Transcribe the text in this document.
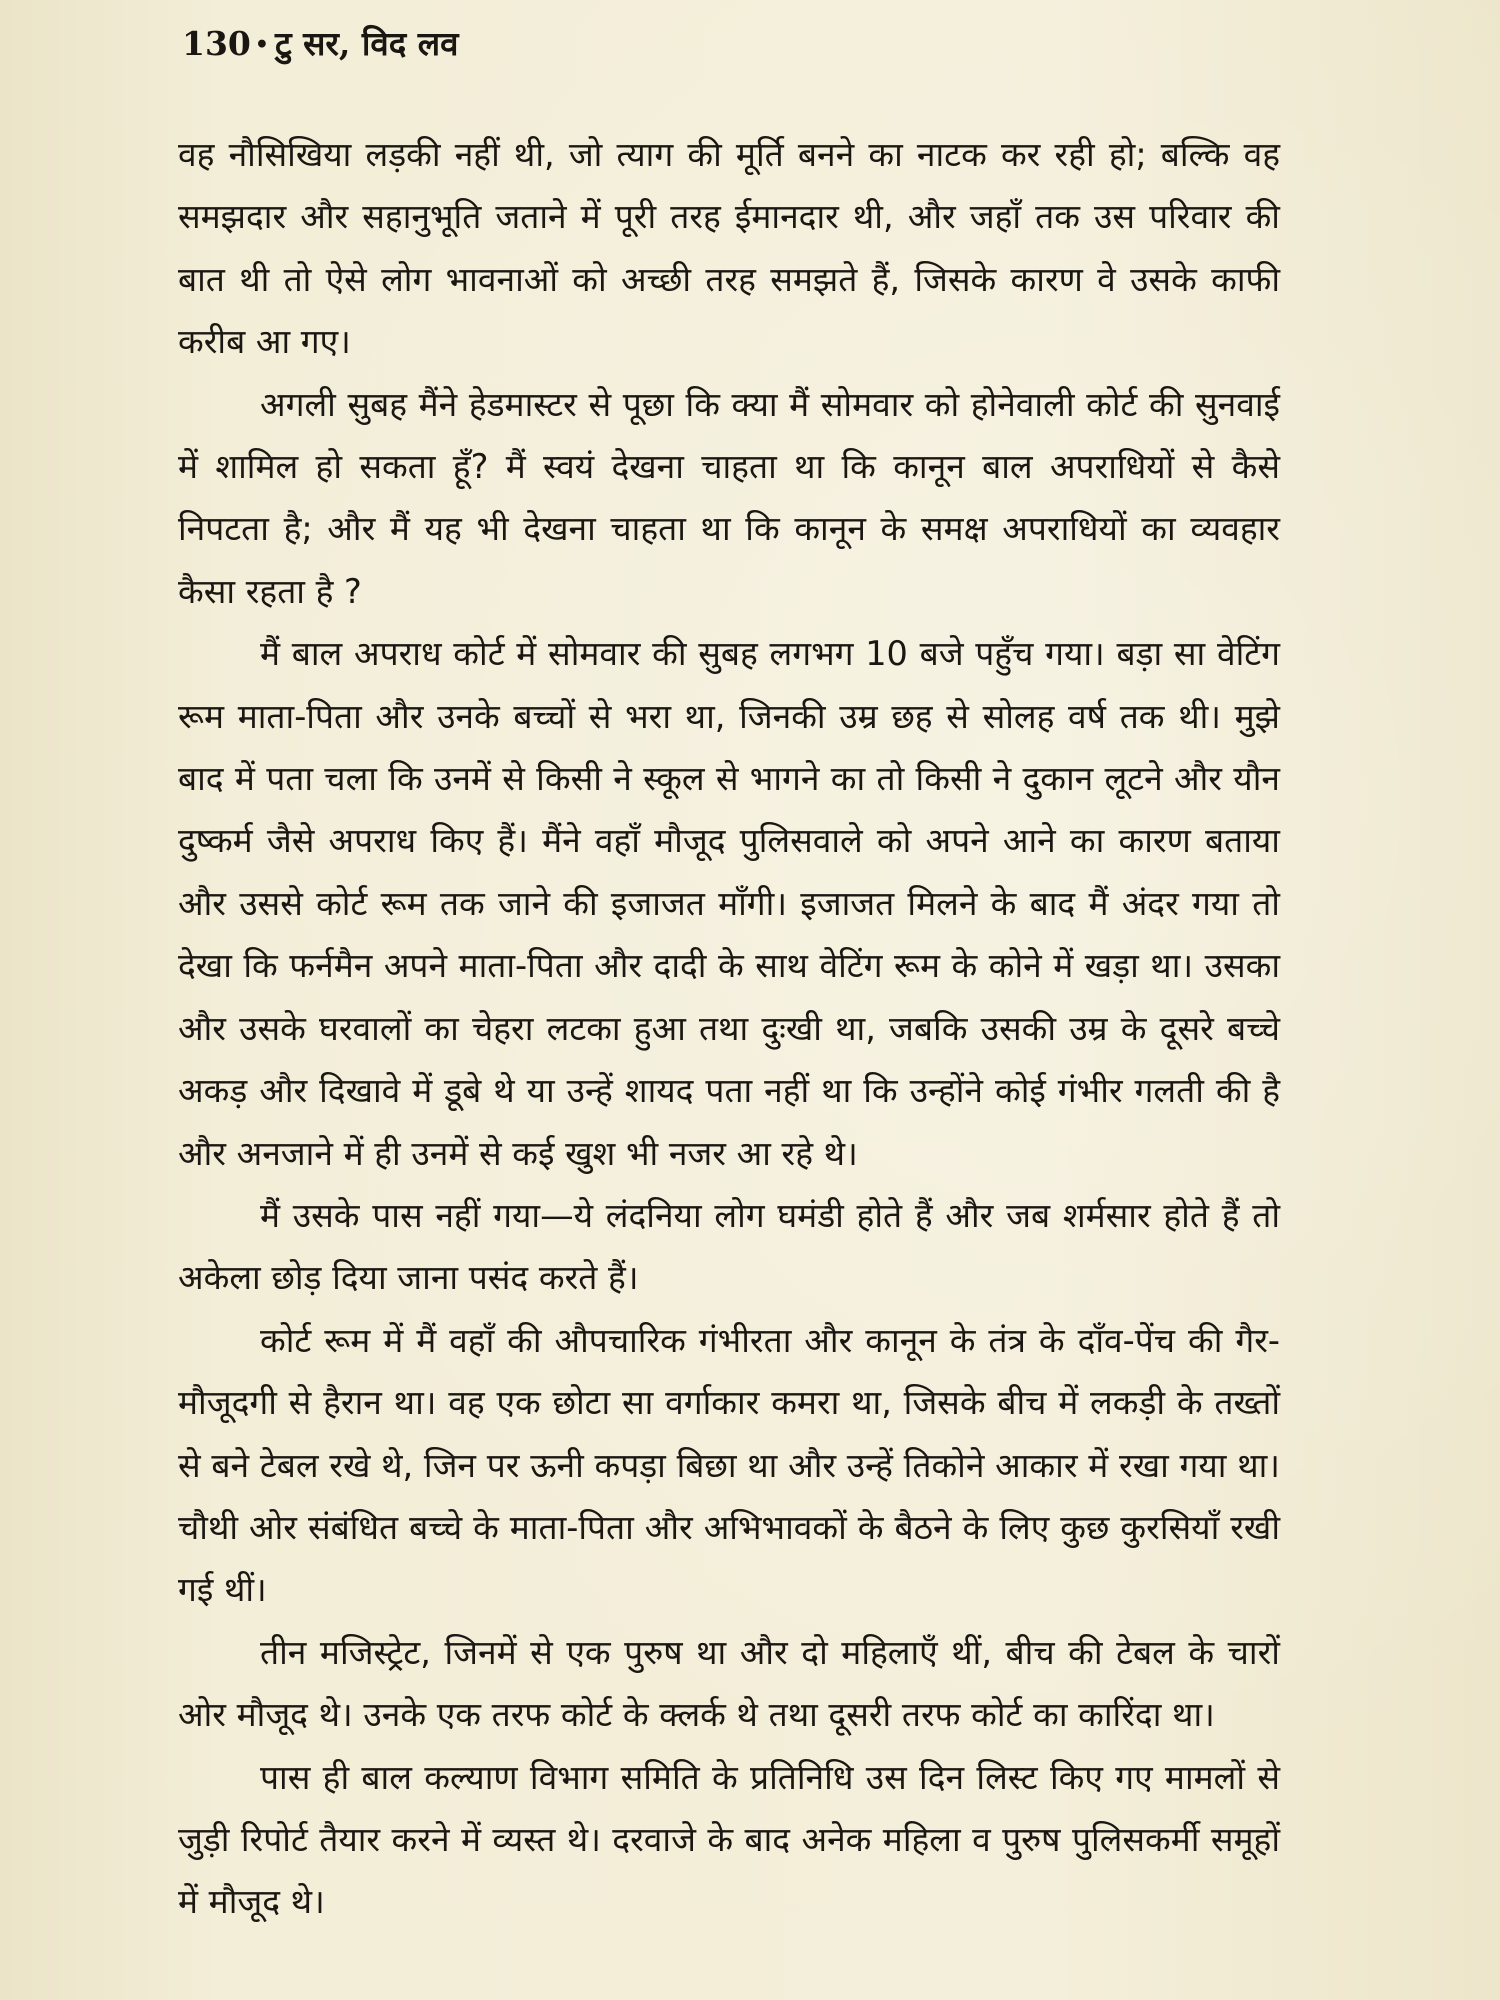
130 • टु सर, विद लव

वह नौसिखिया लड़की नहीं थी, जो त्याग की मूर्ति बनने का नाटक कर रही हो; बल्कि वह समझदार और सहानुभूति जताने में पूरी तरह ईमानदार थी, और जहाँ तक उस परिवार की बात थी तो ऐसे लोग भावनाओं को अच्छी तरह समझते हैं, जिसके कारण वे उसके काफी करीब आ गए।

अगली सुबह मैंने हेडमास्टर से पूछा कि क्या मैं सोमवार को होनेवाली कोर्ट की सुनवाई में शामिल हो सकता हूँ? मैं स्वयं देखना चाहता था कि कानून बाल अपराधियों से कैसे निपटता है; और मैं यह भी देखना चाहता था कि कानून के समक्ष अपराधियों का व्यवहार कैसा रहता है ?

मैं बाल अपराध कोर्ट में सोमवार की सुबह लगभग 10 बजे पहुँच गया। बड़ा सा वेटिंग रूम माता-पिता और उनके बच्चों से भरा था, जिनकी उम्र छह से सोलह वर्ष तक थी। मुझे बाद में पता चला कि उनमें से किसी ने स्कूल से भागने का तो किसी ने दुकान लूटने और यौन दुष्कर्म जैसे अपराध किए हैं। मैंने वहाँ मौजूद पुलिसवाले को अपने आने का कारण बताया और उससे कोर्ट रूम तक जाने की इजाजत माँगी। इजाजत मिलने के बाद मैं अंदर गया तो देखा कि फर्नमैन अपने माता-पिता और दादी के साथ वेटिंग रूम के कोने में खड़ा था। उसका और उसके घरवालों का चेहरा लटका हुआ तथा दुःखी था, जबकि उसकी उम्र के दूसरे बच्चे अकड़ और दिखावे में डूबे थे या उन्हें शायद पता नहीं था कि उन्होंने कोई गंभीर गलती की है और अनजाने में ही उनमें से कई खुश भी नजर आ रहे थे।

मैं उसके पास नहीं गया—ये लंदनिया लोग घमंडी होते हैं और जब शर्मसार होते हैं तो अकेला छोड़ दिया जाना पसंद करते हैं।

कोर्ट रूम में मैं वहाँ की औपचारिक गंभीरता और कानून के तंत्र के दाँव-पेंच की गैर-मौजूदगी से हैरान था। वह एक छोटा सा वर्गाकार कमरा था, जिसके बीच में लकड़ी के तख्तों से बने टेबल रखे थे, जिन पर ऊनी कपड़ा बिछा था और उन्हें तिकोने आकार में रखा गया था। चौथी ओर संबंधित बच्चे के माता-पिता और अभिभावकों के बैठने के लिए कुछ कुरसियाँ रखी गई थीं।

तीन मजिस्ट्रेट, जिनमें से एक पुरुष था और दो महिलाएँ थीं, बीच की टेबल के चारों ओर मौजूद थे। उनके एक तरफ कोर्ट के क्लर्क थे तथा दूसरी तरफ कोर्ट का कारिंदा था।

पास ही बाल कल्याण विभाग समिति के प्रतिनिधि उस दिन लिस्ट किए गए मामलों से जुड़ी रिपोर्ट तैयार करने में व्यस्त थे। दरवाजे के बाद अनेक महिला व पुरुष पुलिसकर्मी समूहों में मौजूद थे।
